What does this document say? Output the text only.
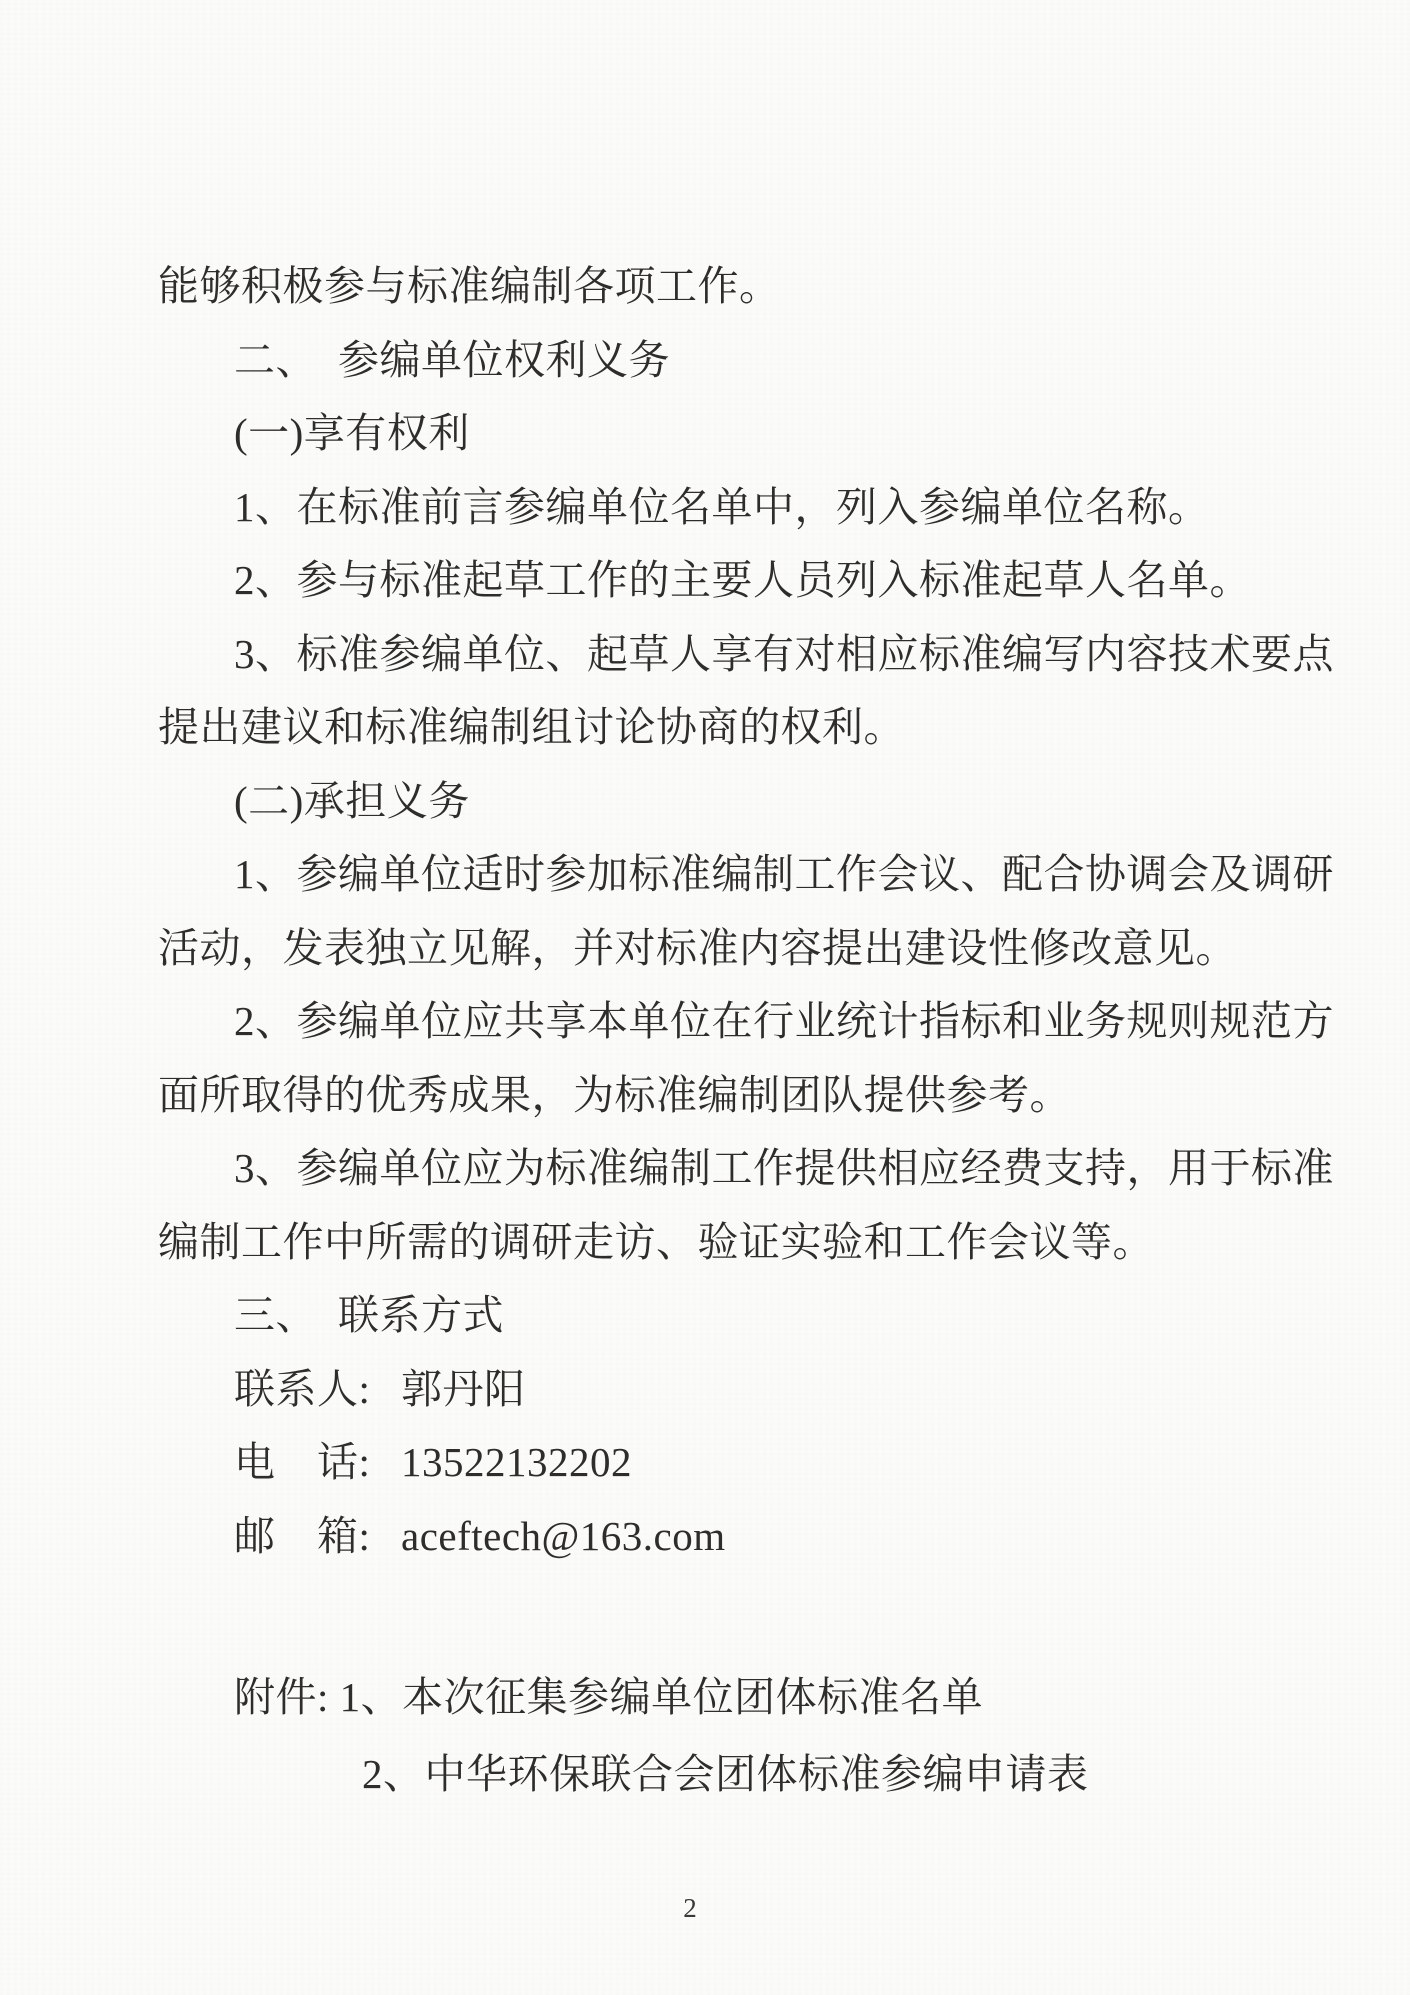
能够积极参与标准编制各项工作。

二、　参编单位权利义务

(一)享有权利

1、在标准前言参编单位名单中，列入参编单位名称。

2、参与标准起草工作的主要人员列入标准起草人名单。

3、标准参编单位、起草人享有对相应标准编写内容技术要点

提出建议和标准编制组讨论协商的权利。

(二)承担义务

1、参编单位适时参加标准编制工作会议、配合协调会及调研

活动，发表独立见解，并对标准内容提出建设性修改意见。

2、参编单位应共享本单位在行业统计指标和业务规则规范方

面所取得的优秀成果，为标准编制团队提供参考。

3、参编单位应为标准编制工作提供相应经费支持，用于标准

编制工作中所需的调研走访、验证实验和工作会议等。

三、　联系方式

联系人: 郭丹阳

电　话: 13522132202

邮　箱: aceftech@163.com

附件: 1、本次征集参编单位团体标准名单

2、中华环保联合会团体标准参编申请表

2
